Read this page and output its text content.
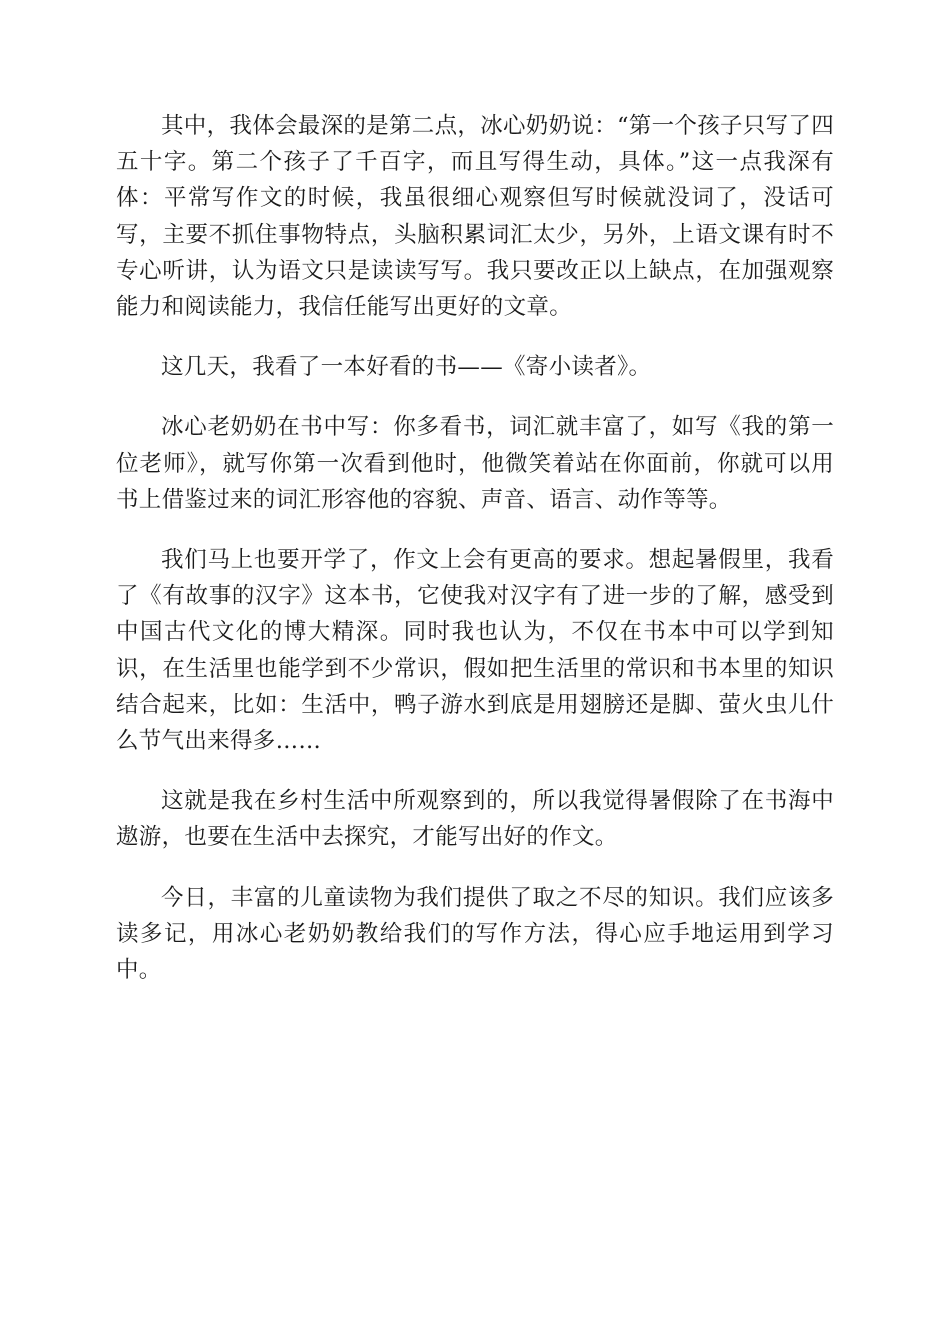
其中，我体会最深的是第二点，冰心奶奶说：“第一个孩子只写了四五十字。第二个孩子了千百字，而且写得生动，具体。”这一点我深有体：平常写作文的时候，我虽很细心观察但写时候就没词了，没话可写，主要不抓住事物特点，头脑积累词汇太少，另外，上语文课有时不专心听讲，认为语文只是读读写写。我只要改正以上缺点，在加强观察能力和阅读能力，我信任能写出更好的文章。

这几天，我看了一本好看的书——《寄小读者》。

冰心老奶奶在书中写：你多看书，词汇就丰富了，如写《我的第一位老师》，就写你第一次看到他时，他微笑着站在你面前，你就可以用书上借鉴过来的词汇形容他的容貌、声音、语言、动作等等。

我们马上也要开学了，作文上会有更高的要求。想起暑假里，我看了《有故事的汉字》这本书，它使我对汉字有了进一步的了解，感受到中国古代文化的博大精深。同时我也认为，不仅在书本中可以学到知识，在生活里也能学到不少常识，假如把生活里的常识和书本里的知识结合起来，比如：生活中，鸭子游水到底是用翅膀还是脚、萤火虫儿什么节气出来得多……

这就是我在乡村生活中所观察到的，所以我觉得暑假除了在书海中遨游，也要在生活中去探究，才能写出好的作文。

今日，丰富的儿童读物为我们提供了取之不尽的知识。我们应该多读多记，用冰心老奶奶教给我们的写作方法，得心应手地运用到学习中。
